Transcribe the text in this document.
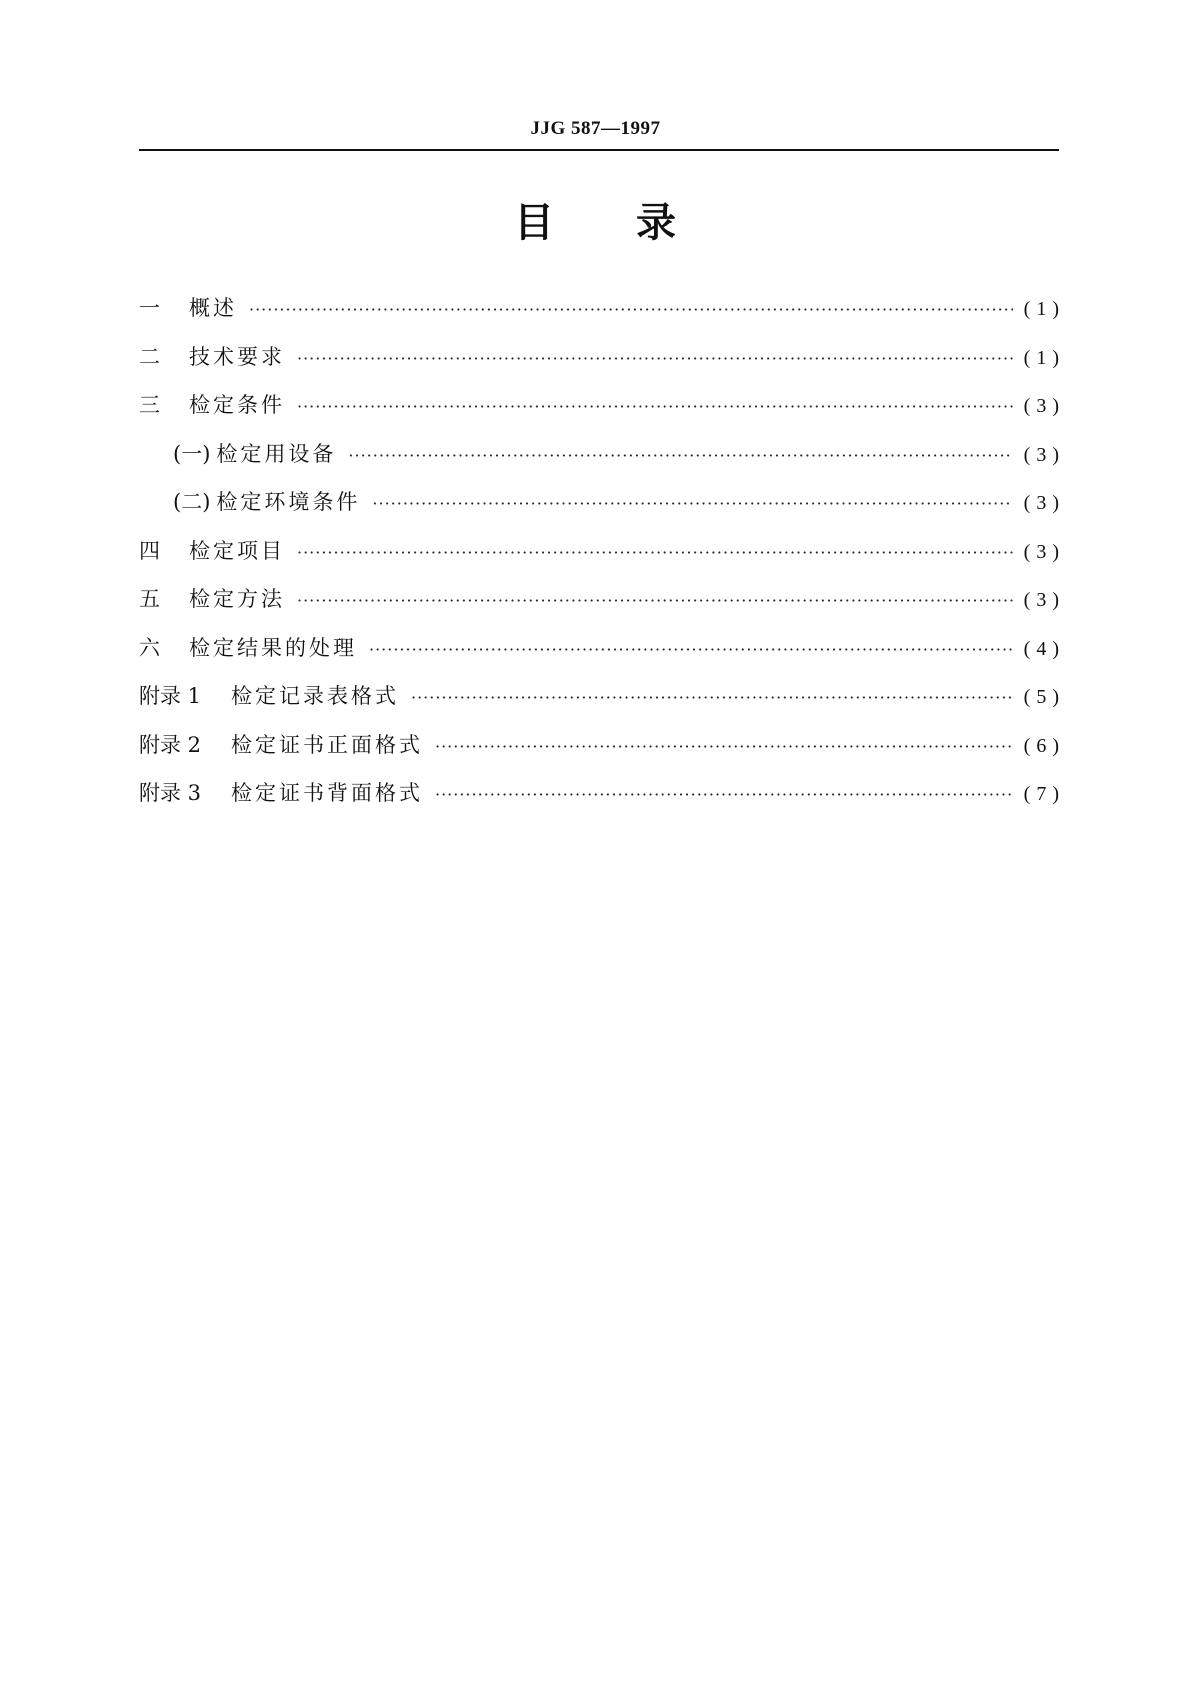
JJG 587—1997
目 录
一	概述 ·····	(1)
二	技术要求 ·····	(1)
三	检定条件 ·····	(3)
(一) 检定用设备 ·····	(3)
(二) 检定环境条件 ·····	(3)
四	检定项目 ·····	(3)
五	检定方法 ·····	(3)
六	检定结果的处理 ·····	(4)
附录 1	检定记录表格式 ·····	(5)
附录 2	检定证书正面格式 ·····	(6)
附录 3	检定证书背面格式 ·····	(7)
